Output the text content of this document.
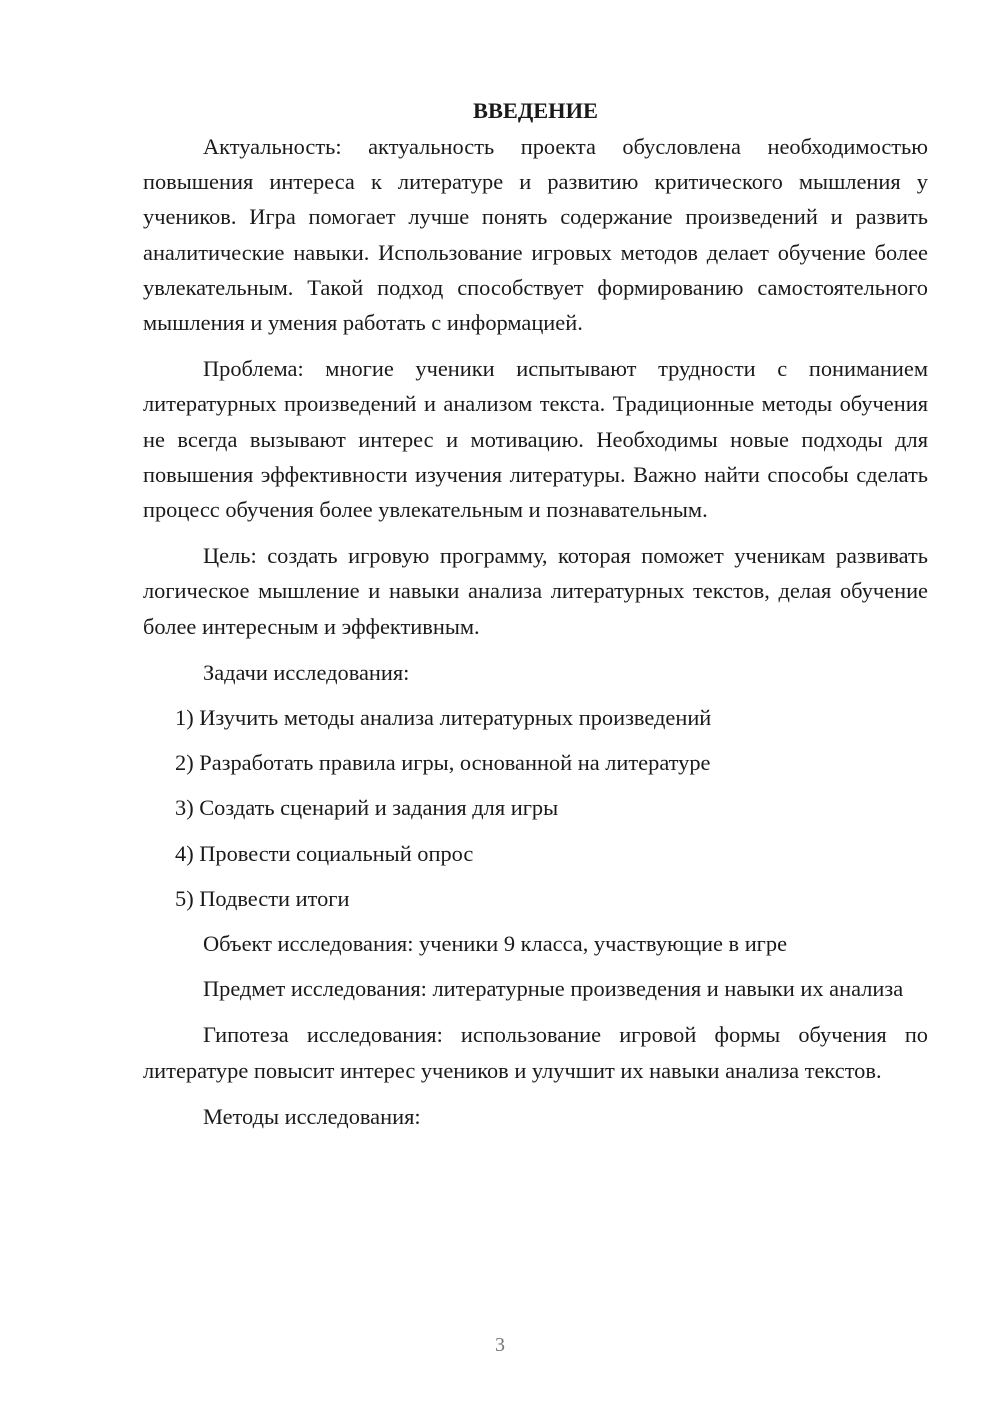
ВВЕДЕНИЕ

Актуальность: актуальность проекта обусловлена необходимостью повышения интереса к литературе и развитию критического мышления у учеников. Игра помогает лучше понять содержание произведений и развить аналитические навыки. Использование игровых методов делает обучение более увлекательным. Такой подход способствует формированию самостоятельного мышления и умения работать с информацией.

Проблема: многие ученики испытывают трудности с пониманием литературных произведений и анализом текста. Традиционные методы обучения не всегда вызывают интерес и мотивацию. Необходимы новые подходы для повышения эффективности изучения литературы. Важно найти способы сделать процесс обучения более увлекательным и познавательным.

Цель: создать игровую программу, которая поможет ученикам развивать логическое мышление и навыки анализа литературных текстов, делая обучение более интересным и эффективным.

Задачи исследования:

1) Изучить методы анализа литературных произведений

2) Разработать правила игры, основанной на литературе

3) Создать сценарий и задания для игры

4) Провести социальный опрос

5) Подвести итоги

Объект исследования: ученики 9 класса, участвующие в игре

Предмет исследования: литературные произведения и навыки их анализа

Гипотеза исследования: использование игровой формы обучения по литературе повысит интерес учеников и улучшит их навыки анализа текстов.

Методы исследования:

3
